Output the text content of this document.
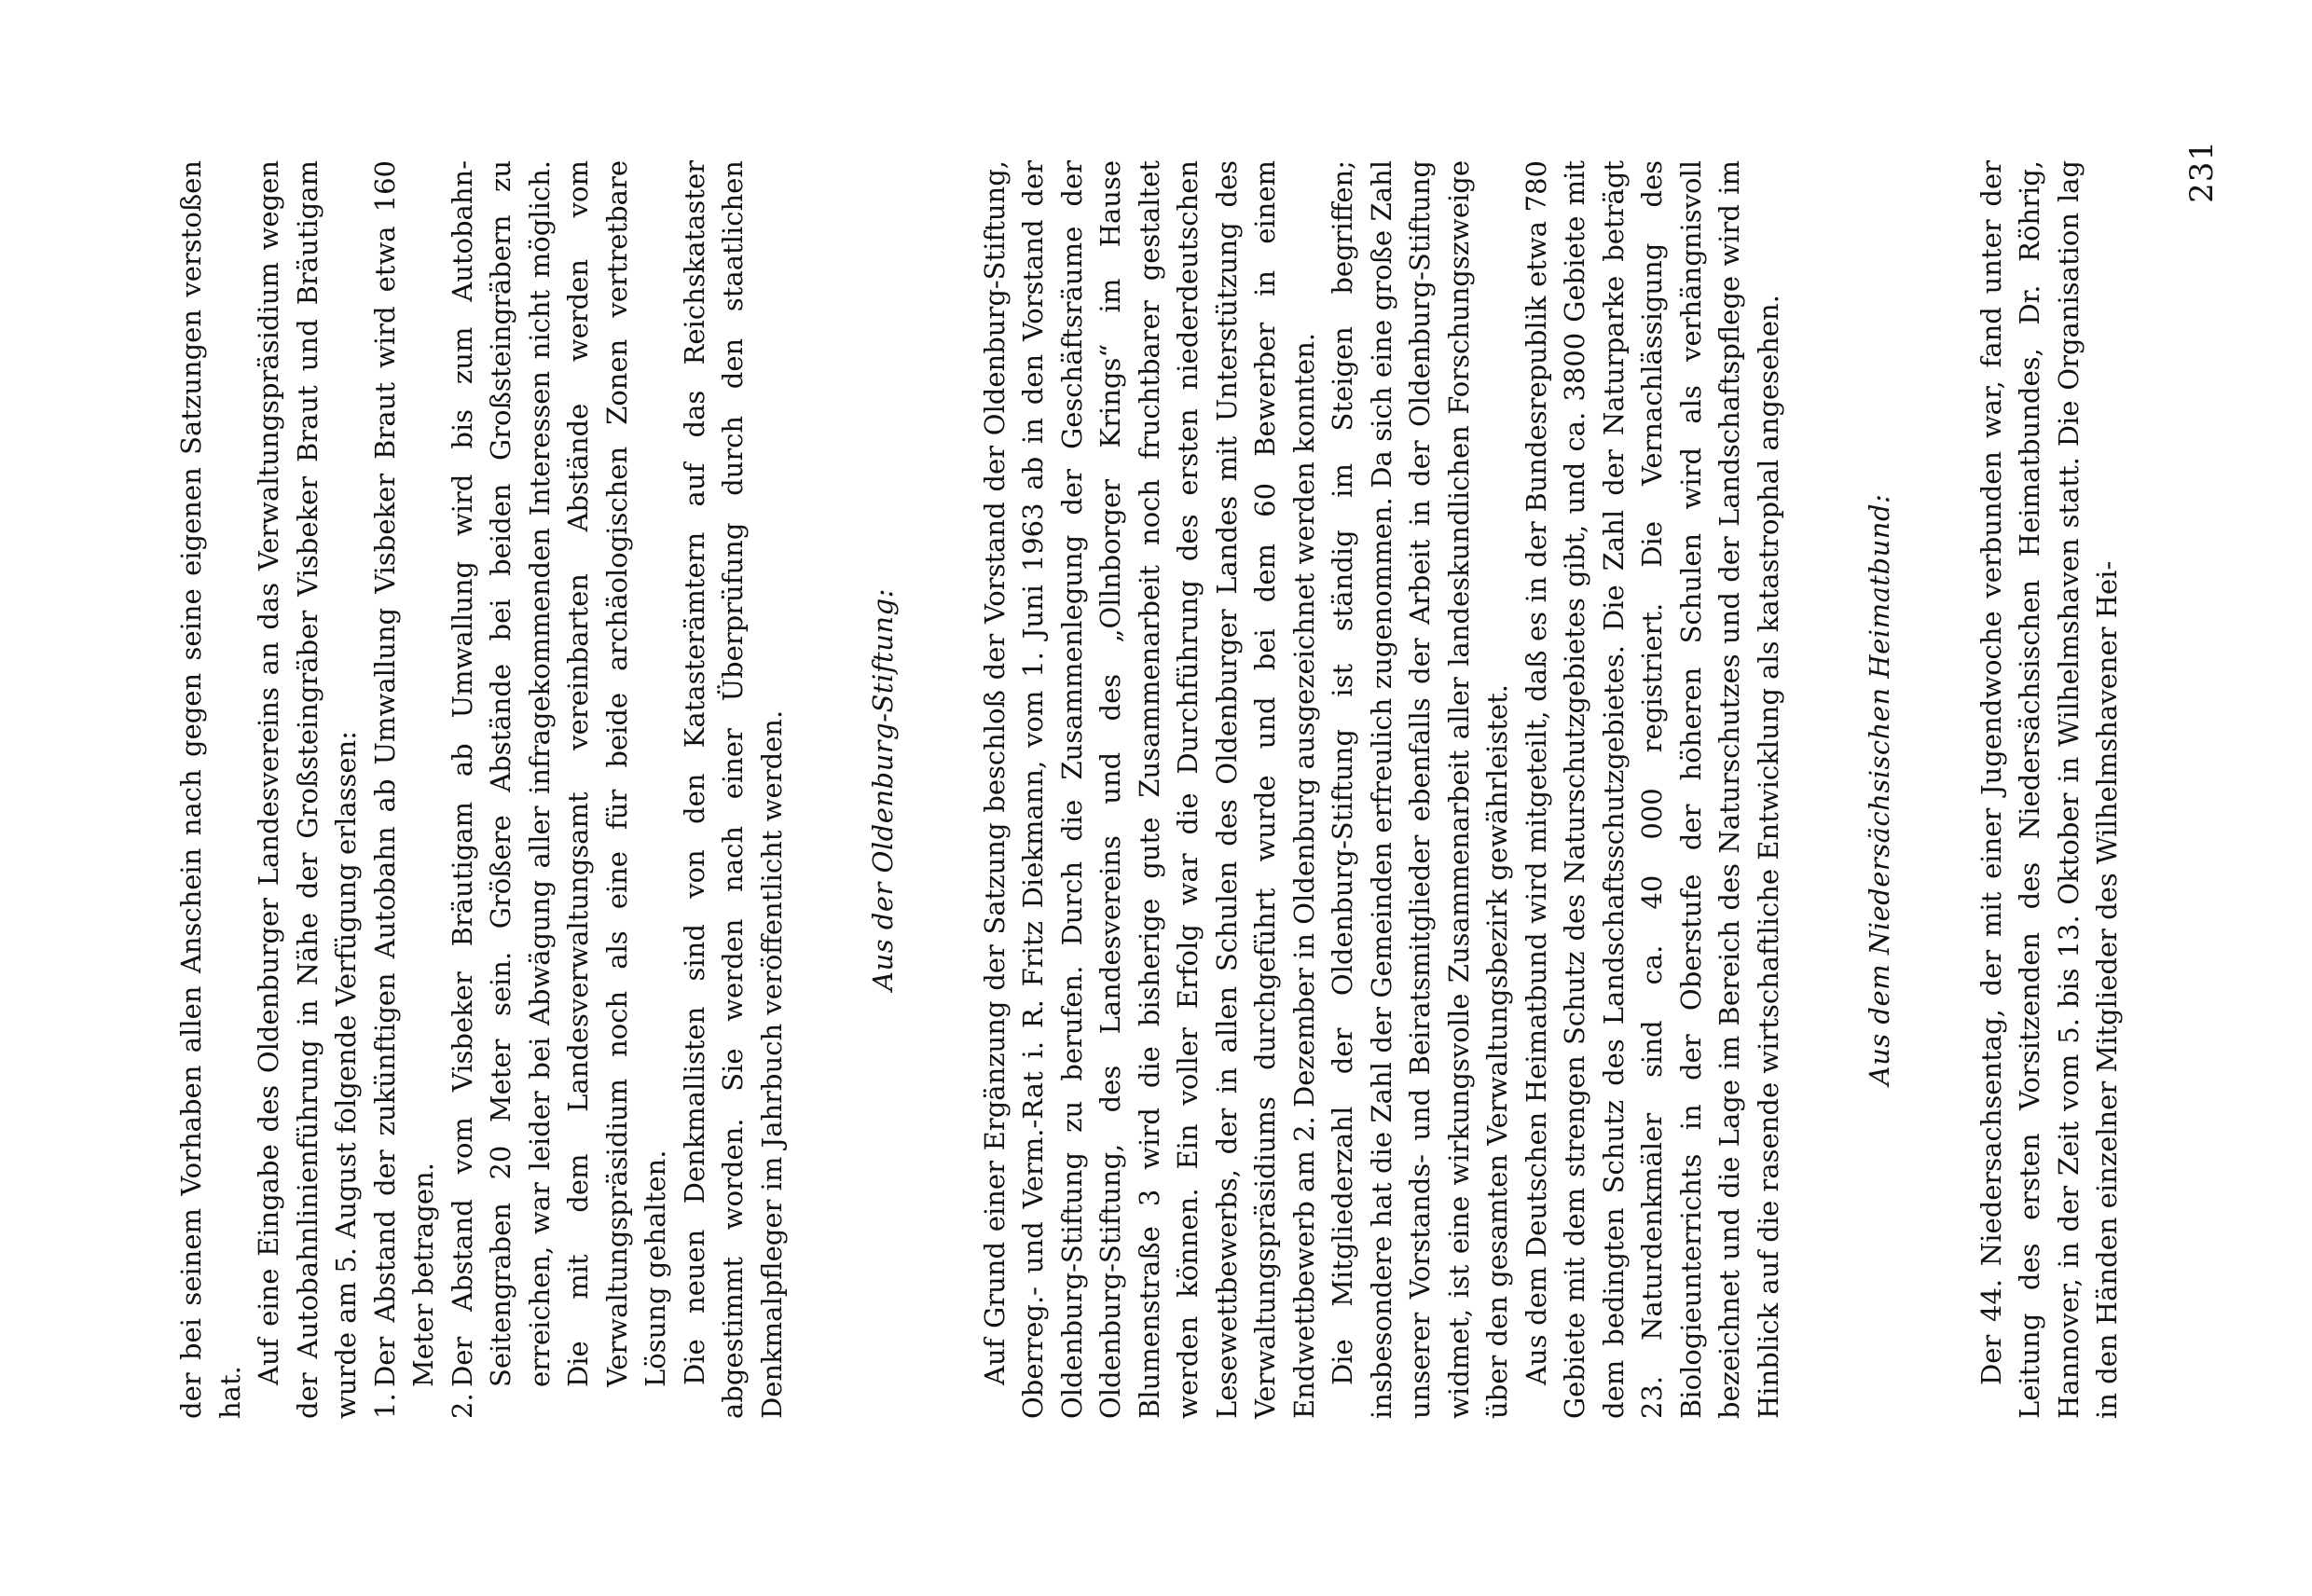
der bei seinem Vorhaben allen Anschein nach gegen seine eigenen Satzungen verstoßen hat.

Auf eine Eingabe des Oldenburger Landesvereins an das Verwaltungspräsidium wegen der Autobahnlinienführung in Nähe der Großsteingräber Visbeker Braut und Bräutigam wurde am 5. August folgende Verfügung erlassen: 1.
Der Abstand der zukünftigen Autobahn ab Umwallung Visbeker Braut wird etwa 160 Meter betragen.
2.
Der Abstand vom Visbeker Bräutigam ab Umwallung wird bis zum Autobahn-Seitengraben 20 Meter sein. Größere Abstände bei beiden Großsteingräbern zu erreichen, war leider bei Abwägung aller infragekommenden Interessen nicht möglich. Die mit dem Landesverwaltungsamt vereinbarten Abstände werden vom Verwaltungspräsidium noch als eine für beide archäologischen Zonen vertretbare Lösung gehalten. Die neuen Denkmallisten sind von den Katasterämtern auf das Reichskataster abgestimmt worden. Sie werden nach einer Überprüfung durch den staatlichen Denkmalpfleger im Jahrbuch veröffentlicht werden.	Aus der Oldenburg-Stiftung:	Auf Grund einer Ergänzung der Satzung beschloß der Vorstand der Oldenburg-Stiftung, Oberreg.- und Verm.-Rat i. R. Fritz Diekmann, vom 1. Juni 1963 ab in den Vorstand der Oldenburg-Stiftung zu berufen. Durch die Zusammenlegung der Geschäftsräume der Oldenburg-Stiftung, des Landesvereins und des „Ollnborger Krings“ im Hause Blumenstraße 3 wird die bisherige gute Zusammenarbeit noch fruchtbarer gestaltet werden können. Ein voller Erfolg war die Durchführung des ersten niederdeutschen Lesewettbewerbs, der in allen Schulen des Oldenburger Landes mit Unterstützung des Verwaltungspräsidiums durchgeführt wurde und bei dem 60 Bewerber in einem Endwettbewerb am 2. Dezember in Oldenburg ausgezeichnet werden konnten. Die Mitgliederzahl der Oldenburg-Stiftung ist ständig im Steigen begriffen; insbesondere hat die Zahl der Gemeinden erfreulich zugenommen. Da sich eine große Zahl unserer Vorstands- und Beiratsmitglieder ebenfalls der Arbeit in der Oldenburg-Stiftung widmet, ist eine wirkungsvolle Zusammenarbeit aller landeskundlichen Forschungszweige über den gesamten Verwaltungsbezirk gewährleistet. Aus dem Deutschen Heimatbund wird mitgeteilt, daß es in der Bundesrepublik etwa 780 Gebiete mit dem strengen Schutz des Naturschutzgebietes gibt, und ca. 3800 Gebiete mit dem bedingten Schutz des Landschaftsschutzgebietes. Die Zahl der Naturparke beträgt 23. Naturdenkmäler sind ca. 40 000 registriert. Die Vernachlässigung des Biologieunterrichts in der Oberstufe der höheren Schulen wird als verhängnisvoll bezeichnet und die Lage im Bereich des Naturschutzes und der Landschaftspflege wird im Hinblick auf die rasende wirtschaftliche Entwicklung als katastrophal angesehen.	Aus dem Niedersächsischen Heimatbund:	Der 44. Niedersachsentag, der mit einer Jugendwoche verbunden war, fand unter der Leitung des ersten Vorsitzenden des Niedersächsischen Heimatbundes, Dr. Röhrig, Hannover, in der Zeit vom 5. bis 13. Oktober in Wilhelmshaven statt. Die Organisation lag in den Händen einzelner Mitglieder des Wilhelmshavener Hei-

231
